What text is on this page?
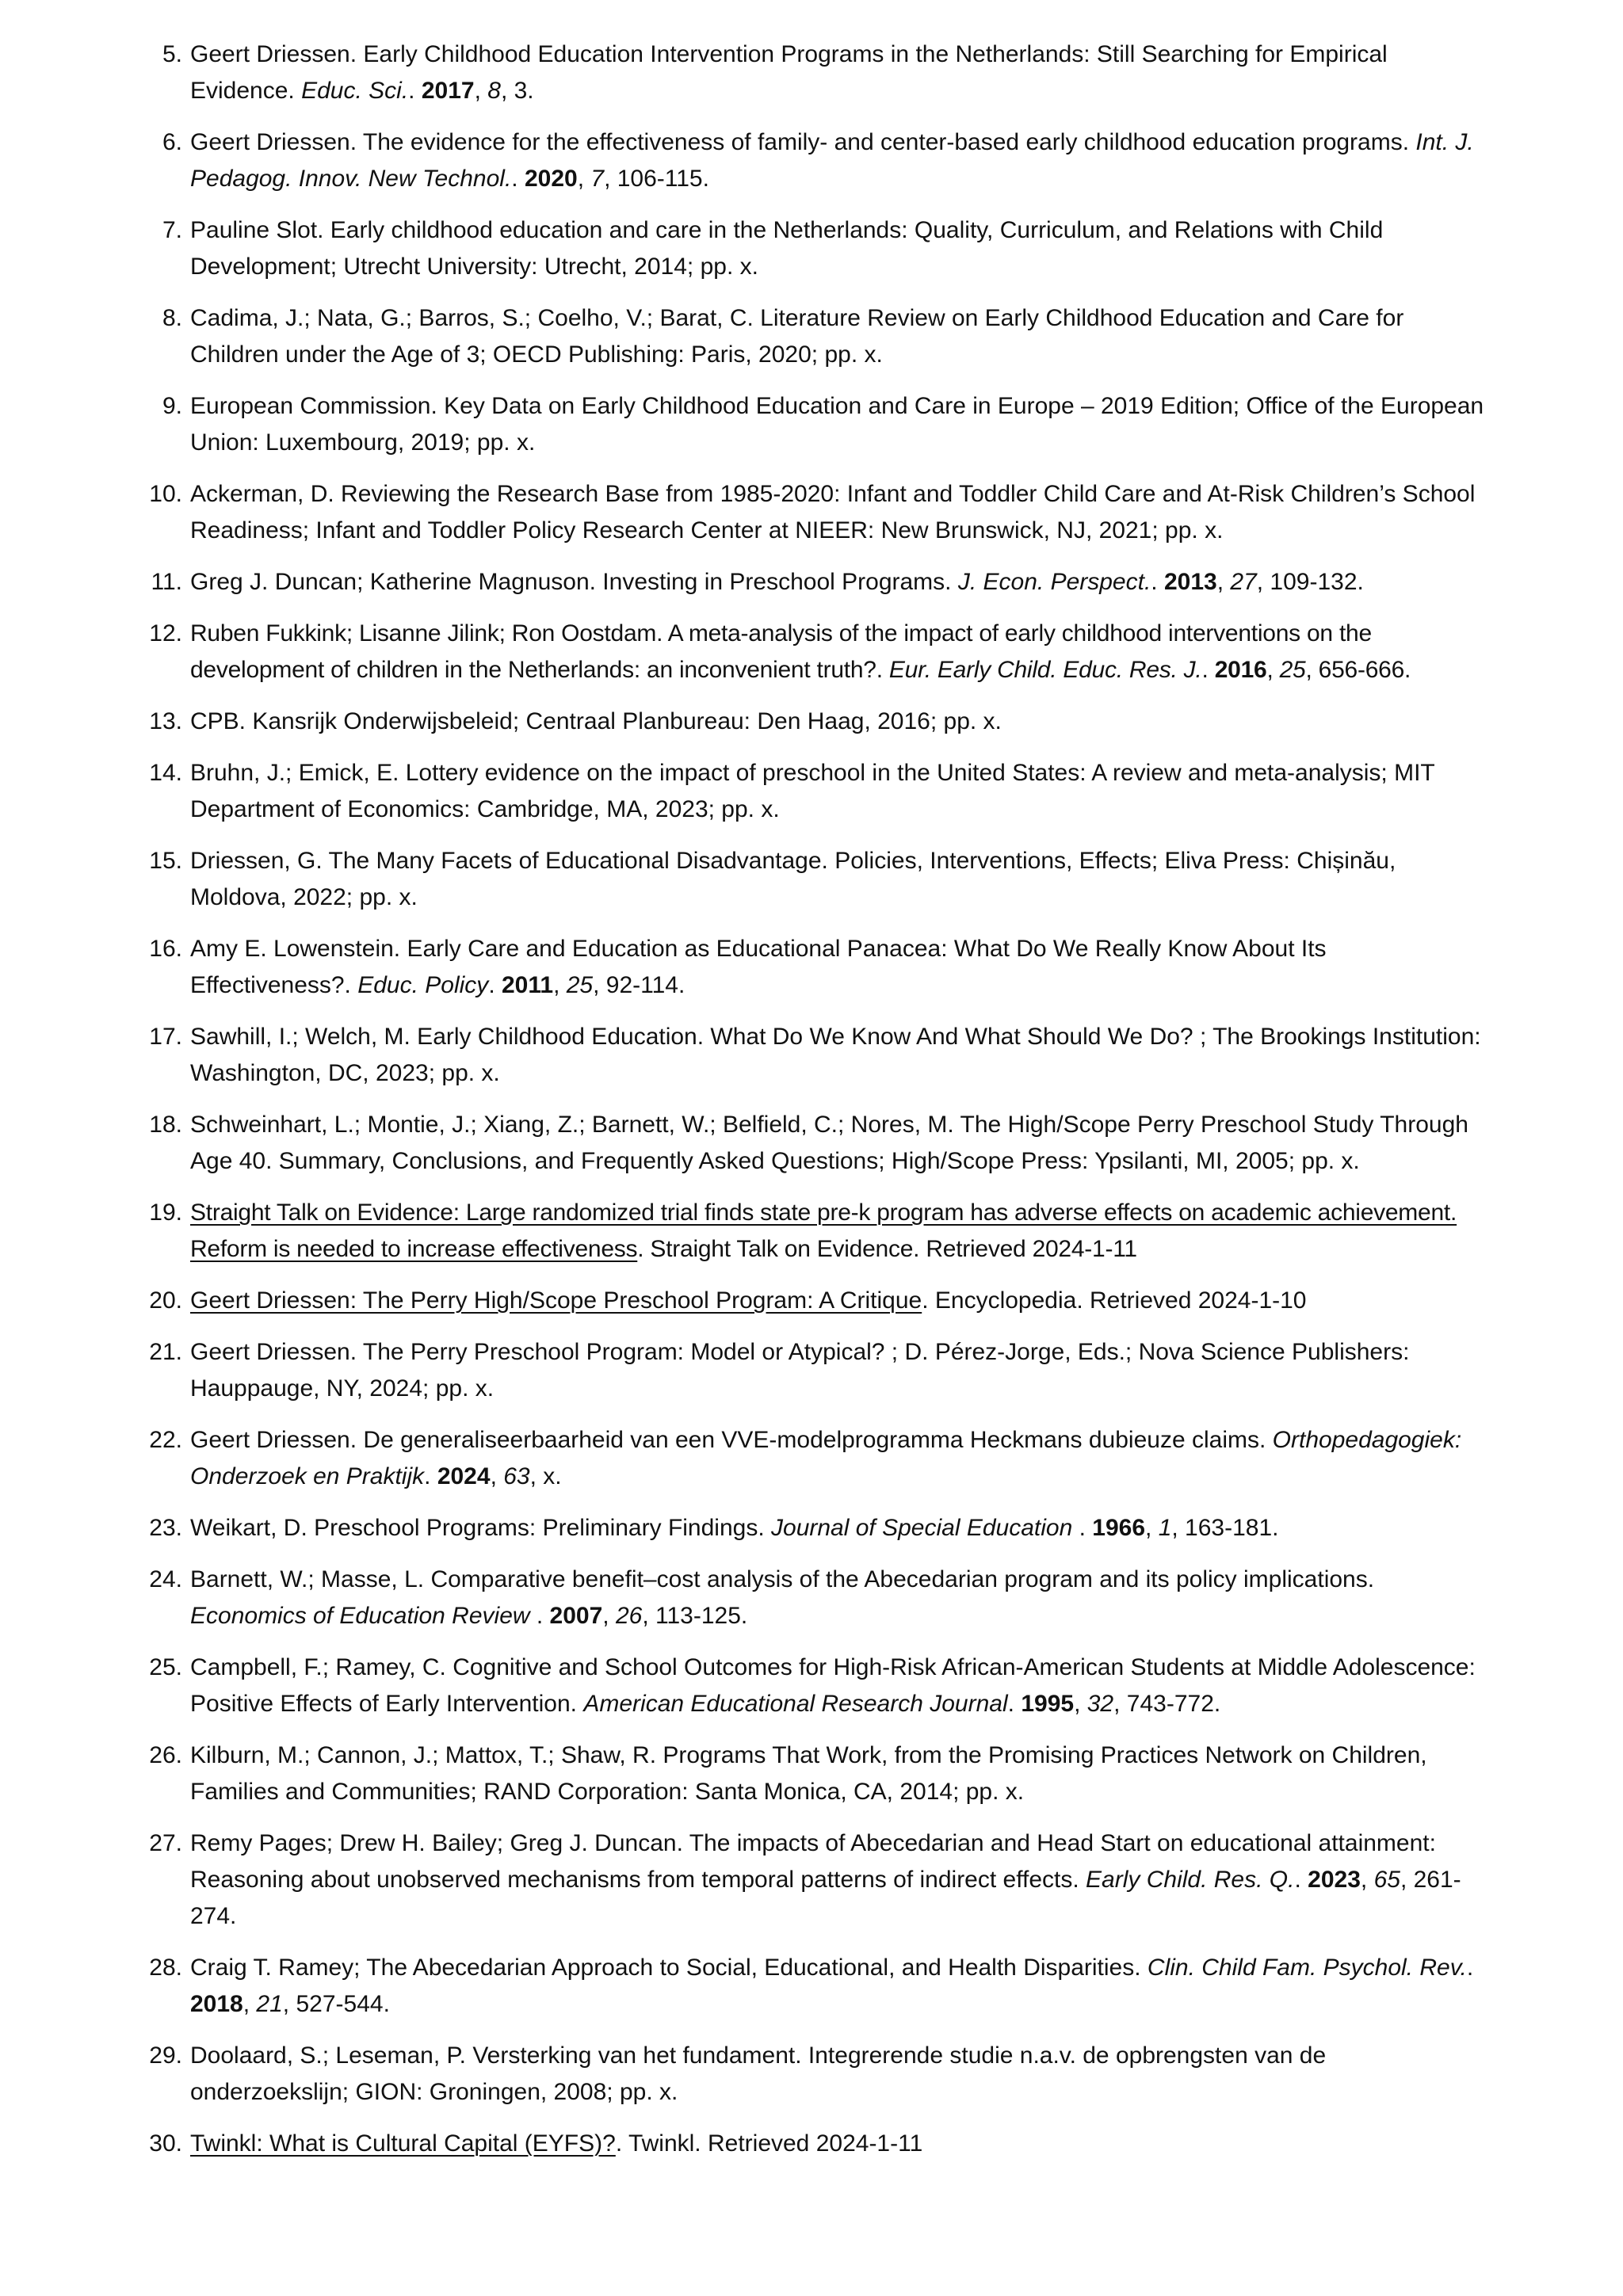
5. Geert Driessen. Early Childhood Education Intervention Programs in the Netherlands: Still Searching for Empirical Evidence. Educ. Sci.. 2017, 8, 3.
6. Geert Driessen. The evidence for the effectiveness of family- and center-based early childhood education programs. Int. J. Pedagog. Innov. New Technol.. 2020, 7, 106-115.
7. Pauline Slot. Early childhood education and care in the Netherlands: Quality, Curriculum, and Relations with Child Development; Utrecht University: Utrecht, 2014; pp. x.
8. Cadima, J.; Nata, G.; Barros, S.; Coelho, V.; Barat, C. Literature Review on Early Childhood Education and Care for Children under the Age of 3; OECD Publishing: Paris, 2020; pp. x.
9. European Commission. Key Data on Early Childhood Education and Care in Europe – 2019 Edition; Office of the European Union: Luxembourg, 2019; pp. x.
10. Ackerman, D. Reviewing the Research Base from 1985-2020: Infant and Toddler Child Care and At-Risk Children’s School Readiness; Infant and Toddler Policy Research Center at NIEER: New Brunswick, NJ, 2021; pp. x.
11. Greg J. Duncan; Katherine Magnuson. Investing in Preschool Programs. J. Econ. Perspect.. 2013, 27, 109-132.
12. Ruben Fukkink; Lisanne Jilink; Ron Oostdam. A meta-analysis of the impact of early childhood interventions on the development of children in the Netherlands: an inconvenient truth?. Eur. Early Child. Educ. Res. J.. 2016, 25, 656-666.
13. CPB. Kansrijk Onderwijsbeleid; Centraal Planbureau: Den Haag, 2016; pp. x.
14. Bruhn, J.; Emick, E. Lottery evidence on the impact of preschool in the United States: A review and meta-analysis; MIT Department of Economics: Cambridge, MA, 2023; pp. x.
15. Driessen, G. The Many Facets of Educational Disadvantage. Policies, Interventions, Effects; Eliva Press: Chișinău, Moldova, 2022; pp. x.
16. Amy E. Lowenstein. Early Care and Education as Educational Panacea: What Do We Really Know About Its Effectiveness?. Educ. Policy. 2011, 25, 92-114.
17. Sawhill, I.; Welch, M. Early Childhood Education. What Do We Know And What Should We Do? ; The Brookings Institution: Washington, DC, 2023; pp. x.
18. Schweinhart, L.; Montie, J.; Xiang, Z.; Barnett, W.; Belfield, C.; Nores, M. The High/Scope Perry Preschool Study Through Age 40. Summary, Conclusions, and Frequently Asked Questions; High/Scope Press: Ypsilanti, MI, 2005; pp. x.
19. Straight Talk on Evidence: Large randomized trial finds state pre-k program has adverse effects on academic achievement. Reform is needed to increase effectiveness. Straight Talk on Evidence. Retrieved 2024-1-11
20. Geert Driessen: The Perry High/Scope Preschool Program: A Critique. Encyclopedia. Retrieved 2024-1-10
21. Geert Driessen. The Perry Preschool Program: Model or Atypical? ; D. Pérez-Jorge, Eds.; Nova Science Publishers: Hauppauge, NY, 2024; pp. x.
22. Geert Driessen. De generaliseerbaarheid van een VVE-modelprogramma Heckmans dubieuze claims. Orthopedagogiek: Onderzoek en Praktijk. 2024, 63, x.
23. Weikart, D. Preschool Programs: Preliminary Findings. Journal of Special Education . 1966, 1, 163-181.
24. Barnett, W.; Masse, L. Comparative benefit–cost analysis of the Abecedarian program and its policy implications. Economics of Education Review . 2007, 26, 113-125.
25. Campbell, F.; Ramey, C. Cognitive and School Outcomes for High-Risk African-American Students at Middle Adolescence: Positive Effects of Early Intervention. American Educational Research Journal. 1995, 32, 743-772.
26. Kilburn, M.; Cannon, J.; Mattox, T.; Shaw, R. Programs That Work, from the Promising Practices Network on Children, Families and Communities; RAND Corporation: Santa Monica, CA, 2014; pp. x.
27. Remy Pages; Drew H. Bailey; Greg J. Duncan. The impacts of Abecedarian and Head Start on educational attainment: Reasoning about unobserved mechanisms from temporal patterns of indirect effects. Early Child. Res. Q.. 2023, 65, 261-274.
28. Craig T. Ramey; The Abecedarian Approach to Social, Educational, and Health Disparities. Clin. Child Fam. Psychol. Rev.. 2018, 21, 527-544.
29. Doolaard, S.; Leseman, P. Versterking van het fundament. Integrerende studie n.a.v. de opbrengsten van de onderzoekslijn; GION: Groningen, 2008; pp. x.
30. Twinkl: What is Cultural Capital (EYFS)?. Twinkl. Retrieved 2024-1-11
